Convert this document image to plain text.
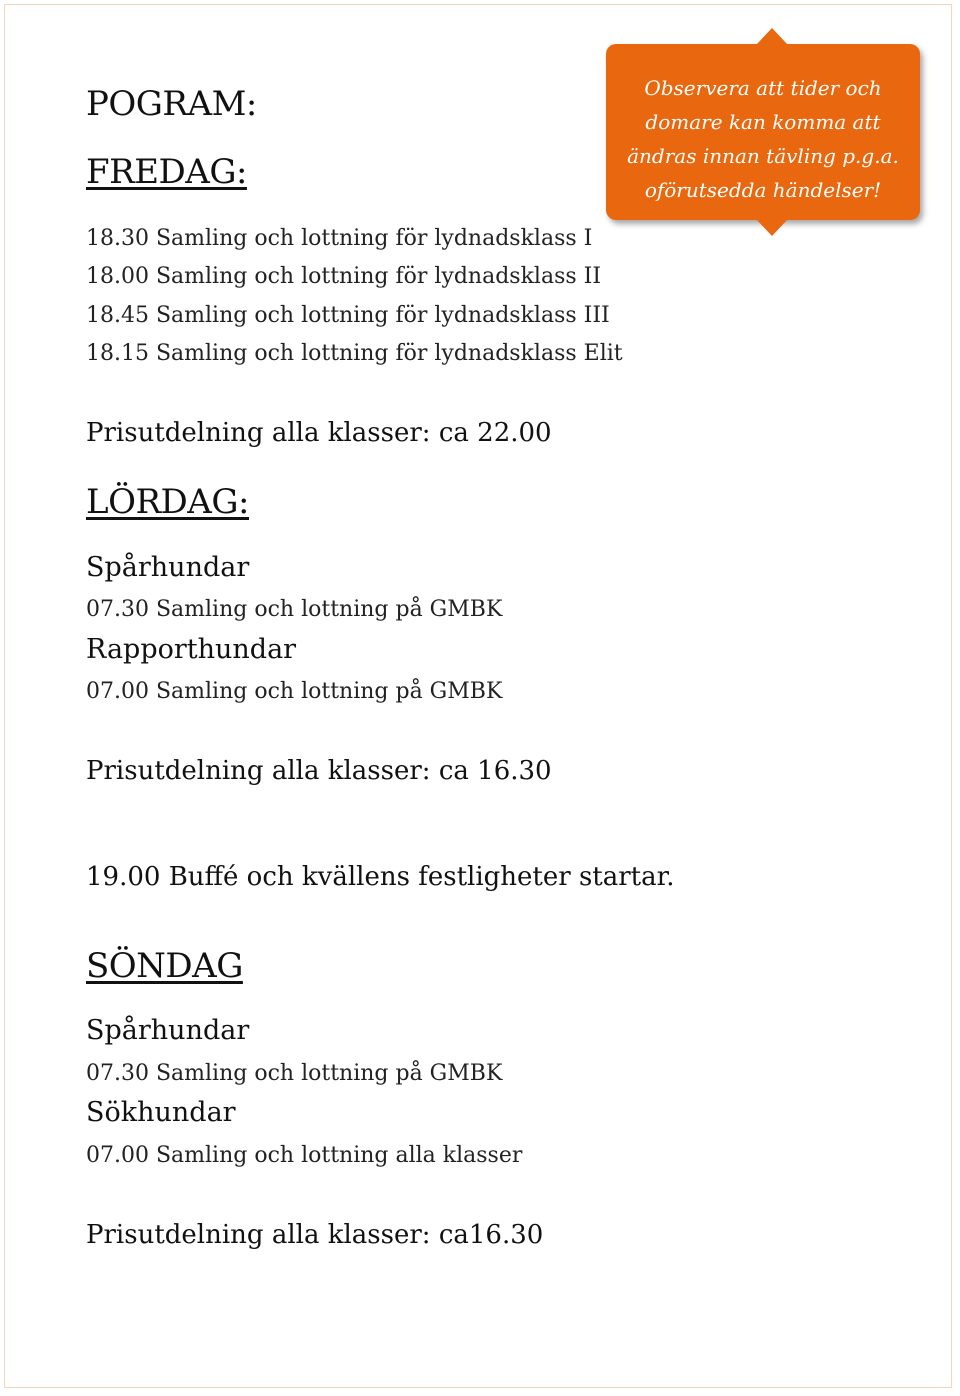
POGRAM:
FREDAG:
18.30 Samling och lottning för lydnadsklass I
18.00 Samling och lottning för lydnadsklass II
18.45 Samling och lottning för lydnadsklass III
18.15 Samling och lottning för lydnadsklass Elit
Prisutdelning alla klasser: ca 22.00
LÖRDAG:
Spårhundar
07.30 Samling och lottning på GMBK
Rapporthundar
07.00 Samling och lottning på GMBK
Prisutdelning alla klasser: ca 16.30
19.00 Buffé och kvällens festligheter startar.
SÖNDAG
Spårhundar
07.30 Samling och lottning på GMBK
Sökhundar
07.00 Samling och lottning alla klasser
Prisutdelning alla klasser: ca16.30
Observera att tider och
domare kan komma att
ändras innan tävling p.g.a.
oförutsedda händelser!
